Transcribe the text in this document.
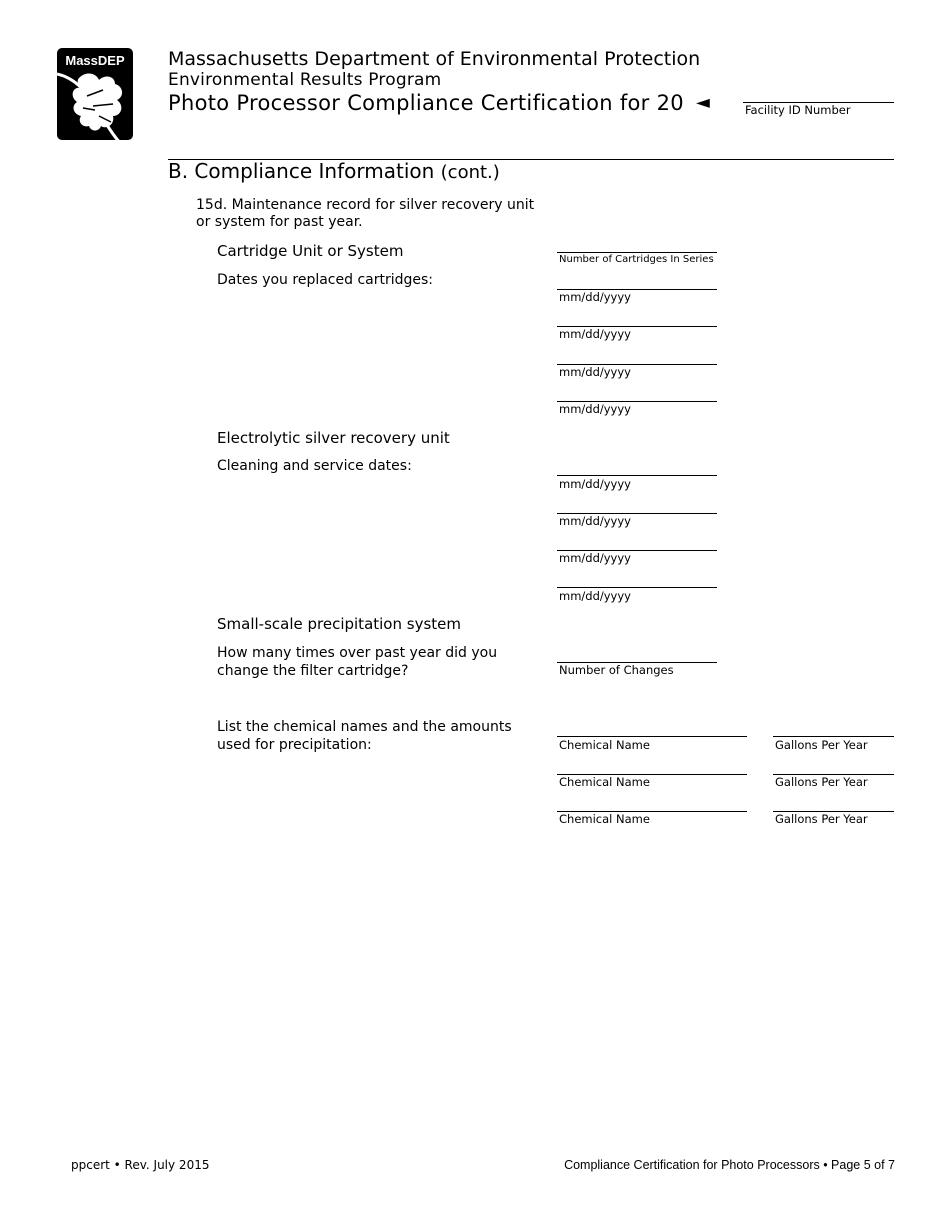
MassDEP Massachusetts Department of Environmental Protection
Environmental Results Program
Photo Processor Compliance Certification for 20 ◄	Facility ID Number
B. Compliance Information (cont.)
15d. Maintenance record for silver recovery unit or system for past year.
Cartridge Unit or System	Number of Cartridges In Series
Dates you replaced cartridges:
mm/dd/yyyy
mm/dd/yyyy
mm/dd/yyyy
mm/dd/yyyy
Electrolytic silver recovery unit
Cleaning and service dates:
mm/dd/yyyy
mm/dd/yyyy
mm/dd/yyyy
mm/dd/yyyy
Small-scale precipitation system
How many times over past year did you
change the filter cartridge?	Number of Changes
List the chemical names and the amounts
used for precipitation:	Chemical Name	Gallons Per Year
Chemical Name	Gallons Per Year
Chemical Name	Gallons Per Year
ppcert • Rev. July 2015	Compliance Certification for Photo Processors • Page 5 of 7
